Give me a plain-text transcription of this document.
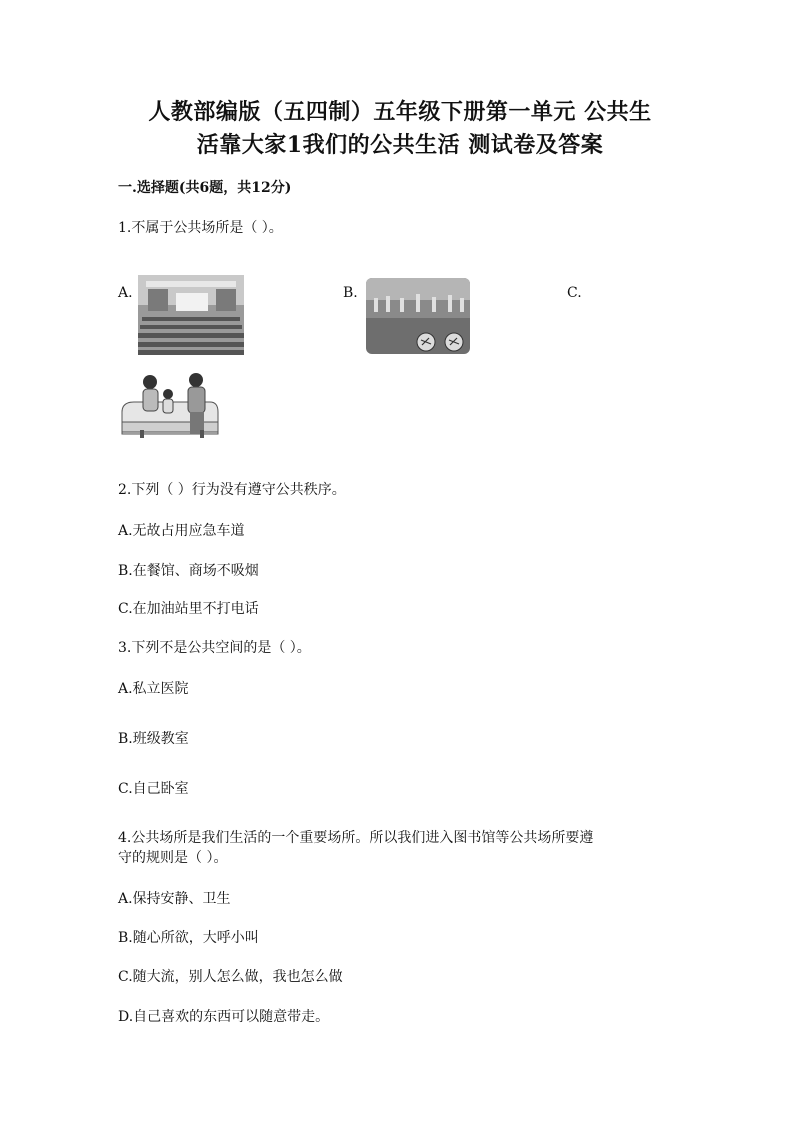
人教部编版（五四制）五年级下册第一单元 公共生
活靠大家1我们的公共生活 测试卷及答案
一.选择题(共6题，共12分)
1.不属于公共场所是（ ）。
A.	B.	C.
2.下列（ ）行为没有遵守公共秩序。
A.无故占用应急车道
B.在餐馆、商场不吸烟
C.在加油站里不打电话
3.下列不是公共空间的是（ ）。
A.私立医院
B.班级教室
C.自己卧室
4.公共场所是我们生活的一个重要场所。所以我们进入图书馆等公共场所要遵
守的规则是（ ）。
A.保持安静、卫生
B.随心所欲，大呼小叫
C.随大流，别人怎么做，我也怎么做
D.自己喜欢的东西可以随意带走。
